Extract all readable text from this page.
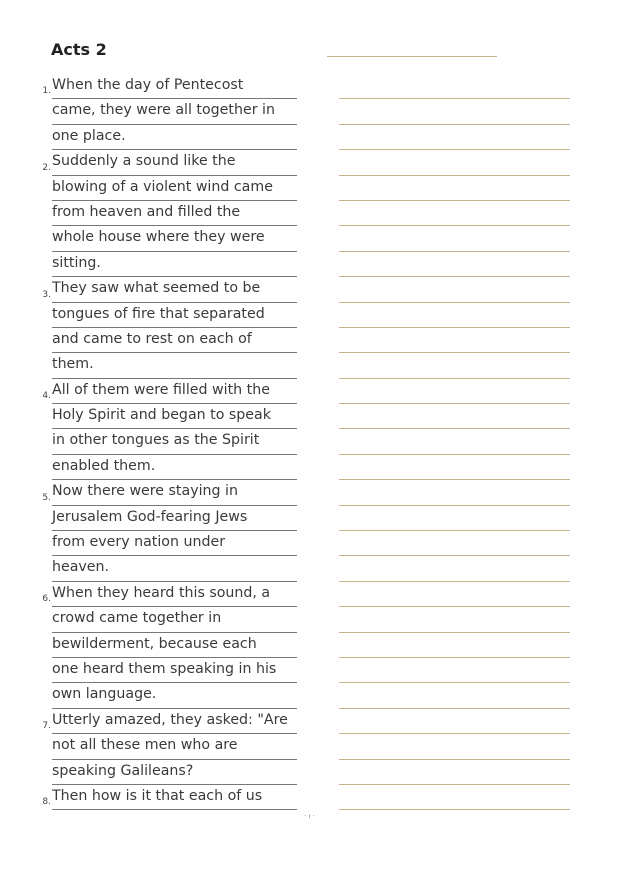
Acts 2
1. When the day of Pentecost
came, they were all together in
one place.
2. Suddenly a sound like the
blowing of a violent wind came
from heaven and filled the
whole house where they were
sitting.
3. They saw what seemed to be
tongues of fire that separated
and came to rest on each of
them.
4. All of them were filled with the
Holy Spirit and began to speak
in other tongues as the Spirit
enabled them.
5. Now there were staying in
Jerusalem God-fearing Jews
from every nation under
heaven.
6. When they heard this sound, a
crowd came together in
bewilderment, because each
one heard them speaking in his
own language.
7. Utterly amazed, they asked: "Are
not all these men who are
speaking Galileans?
8. Then how is it that each of us
· ı ·
